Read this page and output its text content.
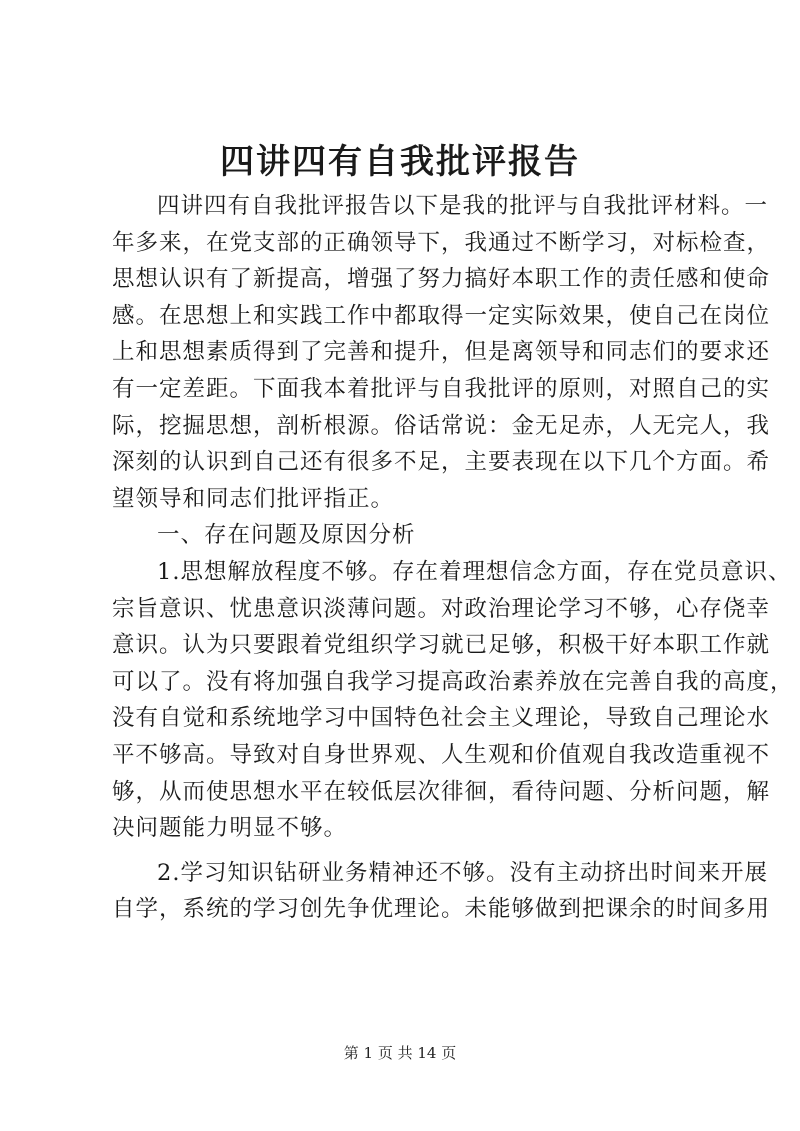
四讲四有自我批评报告
四讲四有自我批评报告以下是我的批评与自我批评材料。一
年多来，在党支部的正确领导下，我通过不断学习，对标检查，
思想认识有了新提高，增强了努力搞好本职工作的责任感和使命
感。在思想上和实践工作中都取得一定实际效果，使自己在岗位
上和思想素质得到了完善和提升，但是离领导和同志们的要求还
有一定差距。下面我本着批评与自我批评的原则，对照自己的实
际，挖掘思想，剖析根源。俗话常说：金无足赤，人无完人，我
深刻的认识到自己还有很多不足，主要表现在以下几个方面。希
望领导和同志们批评指正。
一、存在问题及原因分析
1.思想解放程度不够。存在着理想信念方面，存在党员意识、
宗旨意识、忧患意识淡薄问题。对政治理论学习不够，心存侥幸
意识。认为只要跟着党组织学习就已足够，积极干好本职工作就
可以了。没有将加强自我学习提高政治素养放在完善自我的高度，
没有自觉和系统地学习中国特色社会主义理论，导致自己理论水
平不够高。导致对自身世界观、人生观和价值观自我改造重视不
够，从而使思想水平在较低层次徘徊，看待问题、分析问题，解
决问题能力明显不够。
2.学习知识钻研业务精神还不够。没有主动挤出时间来开展
自学，系统的学习创先争优理论。未能够做到把课余的时间多用
第 1 页 共 14 页
